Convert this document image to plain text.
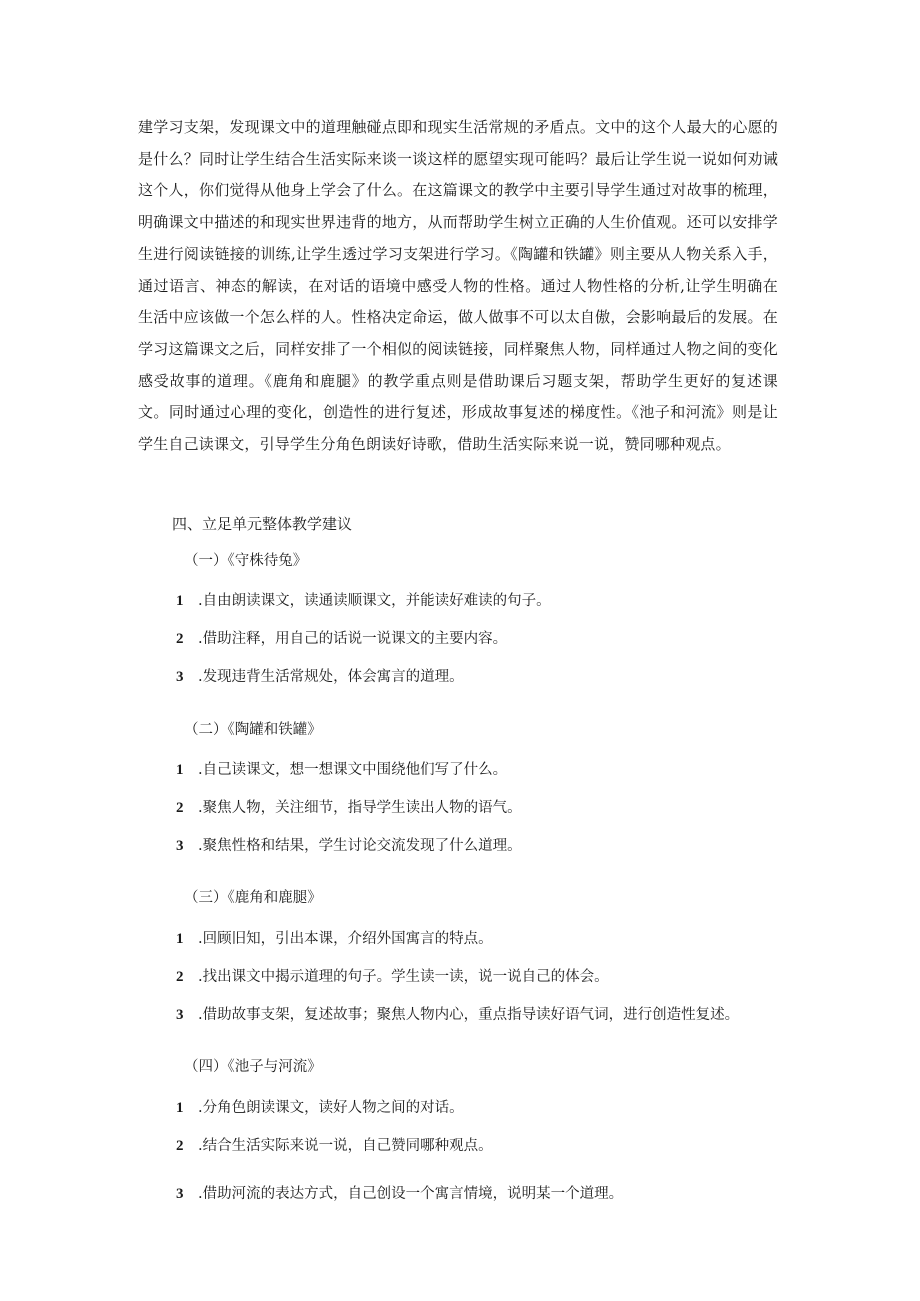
建学习支架，发现课文中的道理触碰点即和现实生活常规的矛盾点。文中的这个人最大的心愿的是什么？同时让学生结合生活实际来谈一谈这样的愿望实现可能吗？最后让学生说一说如何劝诫这个人，你们觉得从他身上学会了什么。在这篇课文的教学中主要引导学生通过对故事的梳理，明确课文中描述的和现实世界违背的地方，从而帮助学生树立正确的人生价值观。还可以安排学生进行阅读链接的训练,让学生透过学习支架进行学习。《陶罐和铁罐》则主要从人物关系入手，通过语言、神态的解读，在对话的语境中感受人物的性格。通过人物性格的分析,让学生明确在生活中应该做一个怎么样的人。性格决定命运，做人做事不可以太自傲，会影响最后的发展。在学习这篇课文之后，同样安排了一个相似的阅读链接，同样聚焦人物，同样通过人物之间的变化感受故事的道理。《鹿角和鹿腿》的教学重点则是借助课后习题支架，帮助学生更好的复述课文。同时通过心理的变化，创造性的进行复述，形成故事复述的梯度性。《池子和河流》则是让学生自己读课文，引导学生分角色朗读好诗歌，借助生活实际来说一说，赞同哪种观点。

四、立足单元整体教学建议

（一）《守株待兔》

1 .自由朗读课文，读通读顺课文，并能读好难读的句子。

2 .借助注释，用自己的话说一说课文的主要内容。

3 .发现违背生活常规处，体会寓言的道理。

（二）《陶罐和铁罐》

1 .自己读课文，想一想课文中围绕他们写了什么。

2 .聚焦人物，关注细节，指导学生读出人物的语气。

3 .聚焦性格和结果，学生讨论交流发现了什么道理。

（三）《鹿角和鹿腿》

1 .回顾旧知，引出本课，介绍外国寓言的特点。

2 .找出课文中揭示道理的句子。学生读一读，说一说自己的体会。

3 .借助故事支架，复述故事；聚焦人物内心，重点指导读好语气词，进行创造性复述。

（四）《池子与河流》

1 .分角色朗读课文，读好人物之间的对话。

2 .结合生活实际来说一说，自己赞同哪种观点。

3 .借助河流的表达方式，自己创设一个寓言情境，说明某一个道理。
